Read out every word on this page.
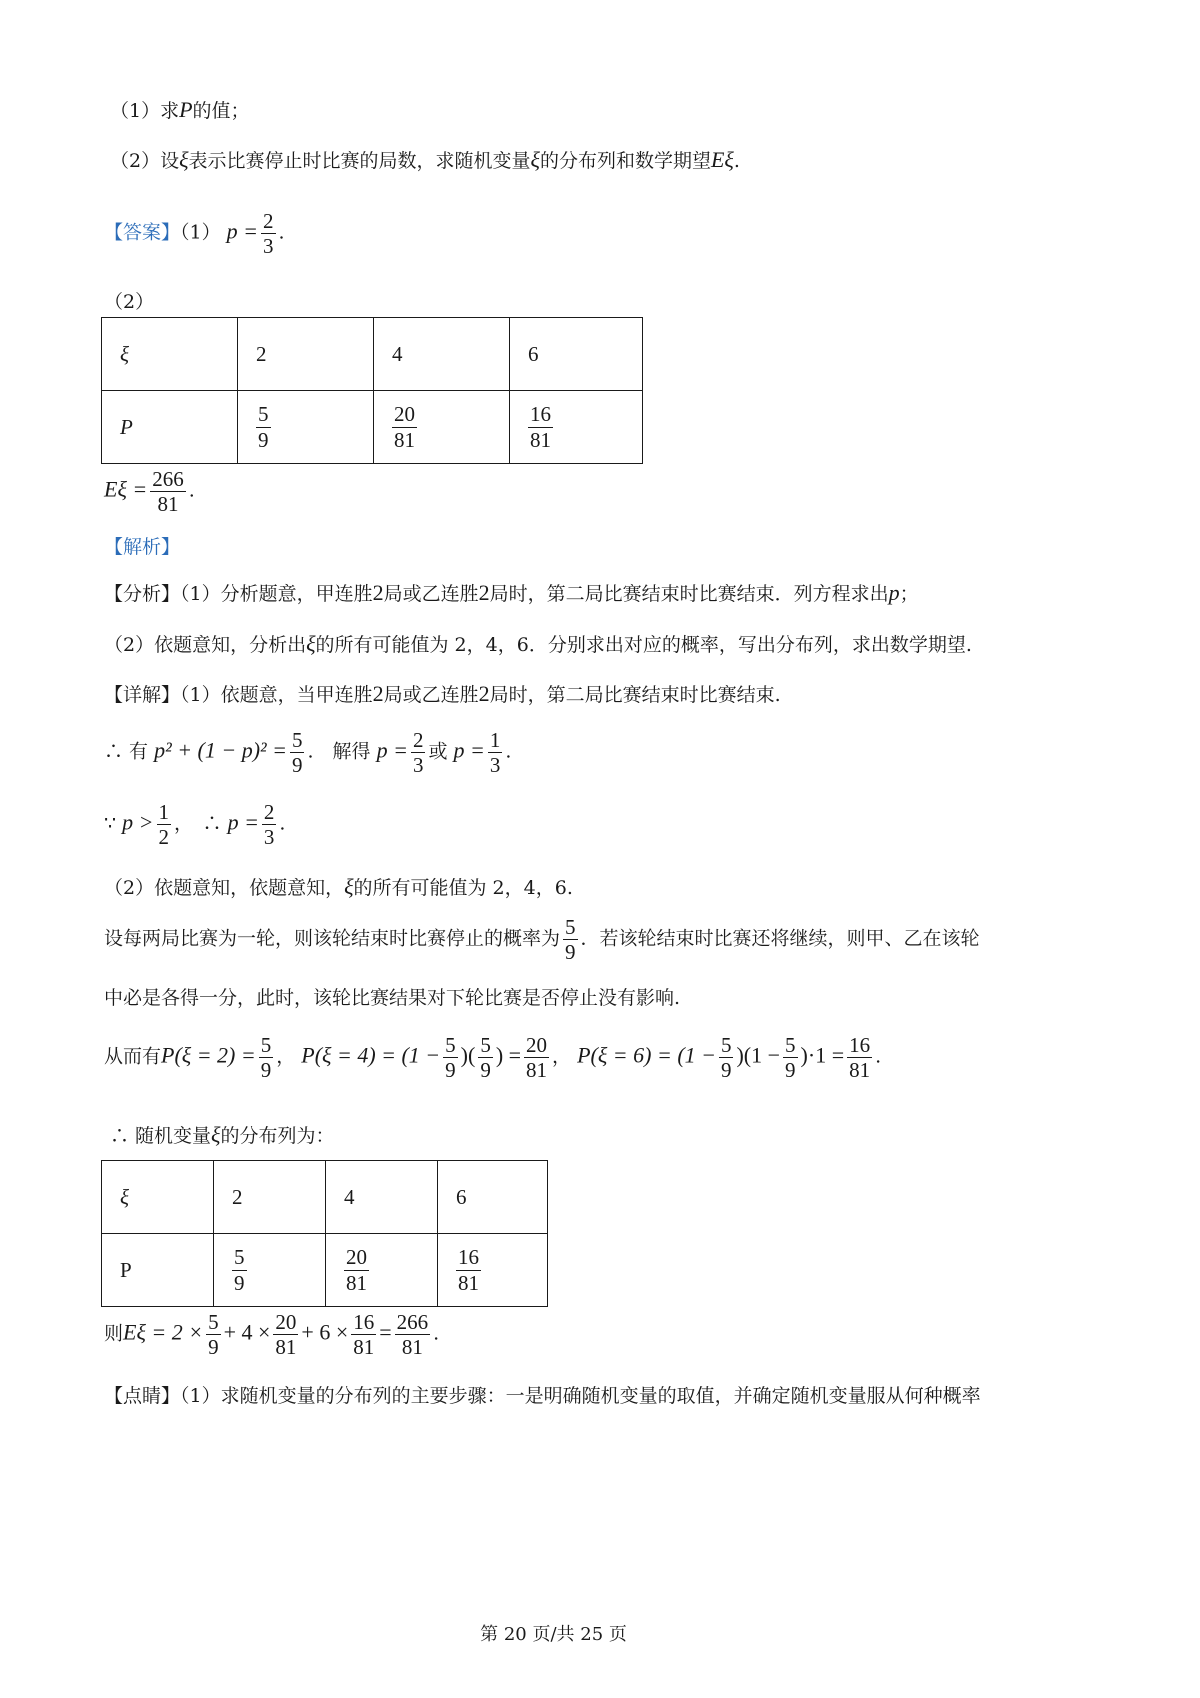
（1）求P的值；
（2）设ξ表示比赛停止时比赛的局数，求随机变量ξ的分布列和数学期望Eξ.
【答案】（1） $p = \frac{2}{3}$ .
（2）
ξ	2	4	6
P	$\frac{5}{9}$	$\frac{20}{81}$	$\frac{16}{81}$
$E\xi = \frac{266}{81}$ .
【解析】
【分析】（1）分析题意，甲连胜2局或乙连胜2局时，第二局比赛结束时比赛结束．列方程求出p；
（2）依题意知，分析出ξ的所有可能值为 2，4，6．分别求出对应的概率，写出分布列，求出数学期望.
【详解】（1）依题意，当甲连胜2局或乙连胜2局时，第二局比赛结束时比赛结束.
∴ 有 $p^2 + (1 - p)^2 = \frac{5}{9}$ .　解得 $p = \frac{2}{3}$ 或 $p = \frac{1}{3}$ .
∵ $p > \frac{1}{2}$ ，　∴ $p = \frac{2}{3}$ .
（2）依题意知，依题意知，ξ的所有可能值为 2，4，6.
设每两局比赛为一轮，则该轮结束时比赛停止的概率为 $\frac{5}{9}$ ．若该轮结束时比赛还将继续，则甲、乙在该轮
中必是各得一分，此时，该轮比赛结果对下轮比赛是否停止没有影响.
从而有$P(\xi = 2) = \frac{5}{9}$ ， $P(\xi = 4) = (1 - \frac{5}{9}$ )( $\frac{5}{9}$ ) = $\frac{20}{81}$ ， $P(\xi = 6) = (1 - \frac{5}{9} )(1 - \frac{5}{9} )\cdot 1 = \frac{16}{81}$ .
∴ 随机变量ξ的分布列为：
ξ	2	4	6
P	$\frac{5}{9}$	$\frac{20}{81}$	$\frac{16}{81}$
则$E\xi = 2 \times \frac{5}{9} + 4 \times \frac{20}{81} + 6 \times \frac{16}{81} = \frac{266}{81}$ .
【点睛】（1）求随机变量的分布列的主要步骤：一是明确随机变量的取值，并确定随机变量服从何种概率
第 20 页/共 25 页
